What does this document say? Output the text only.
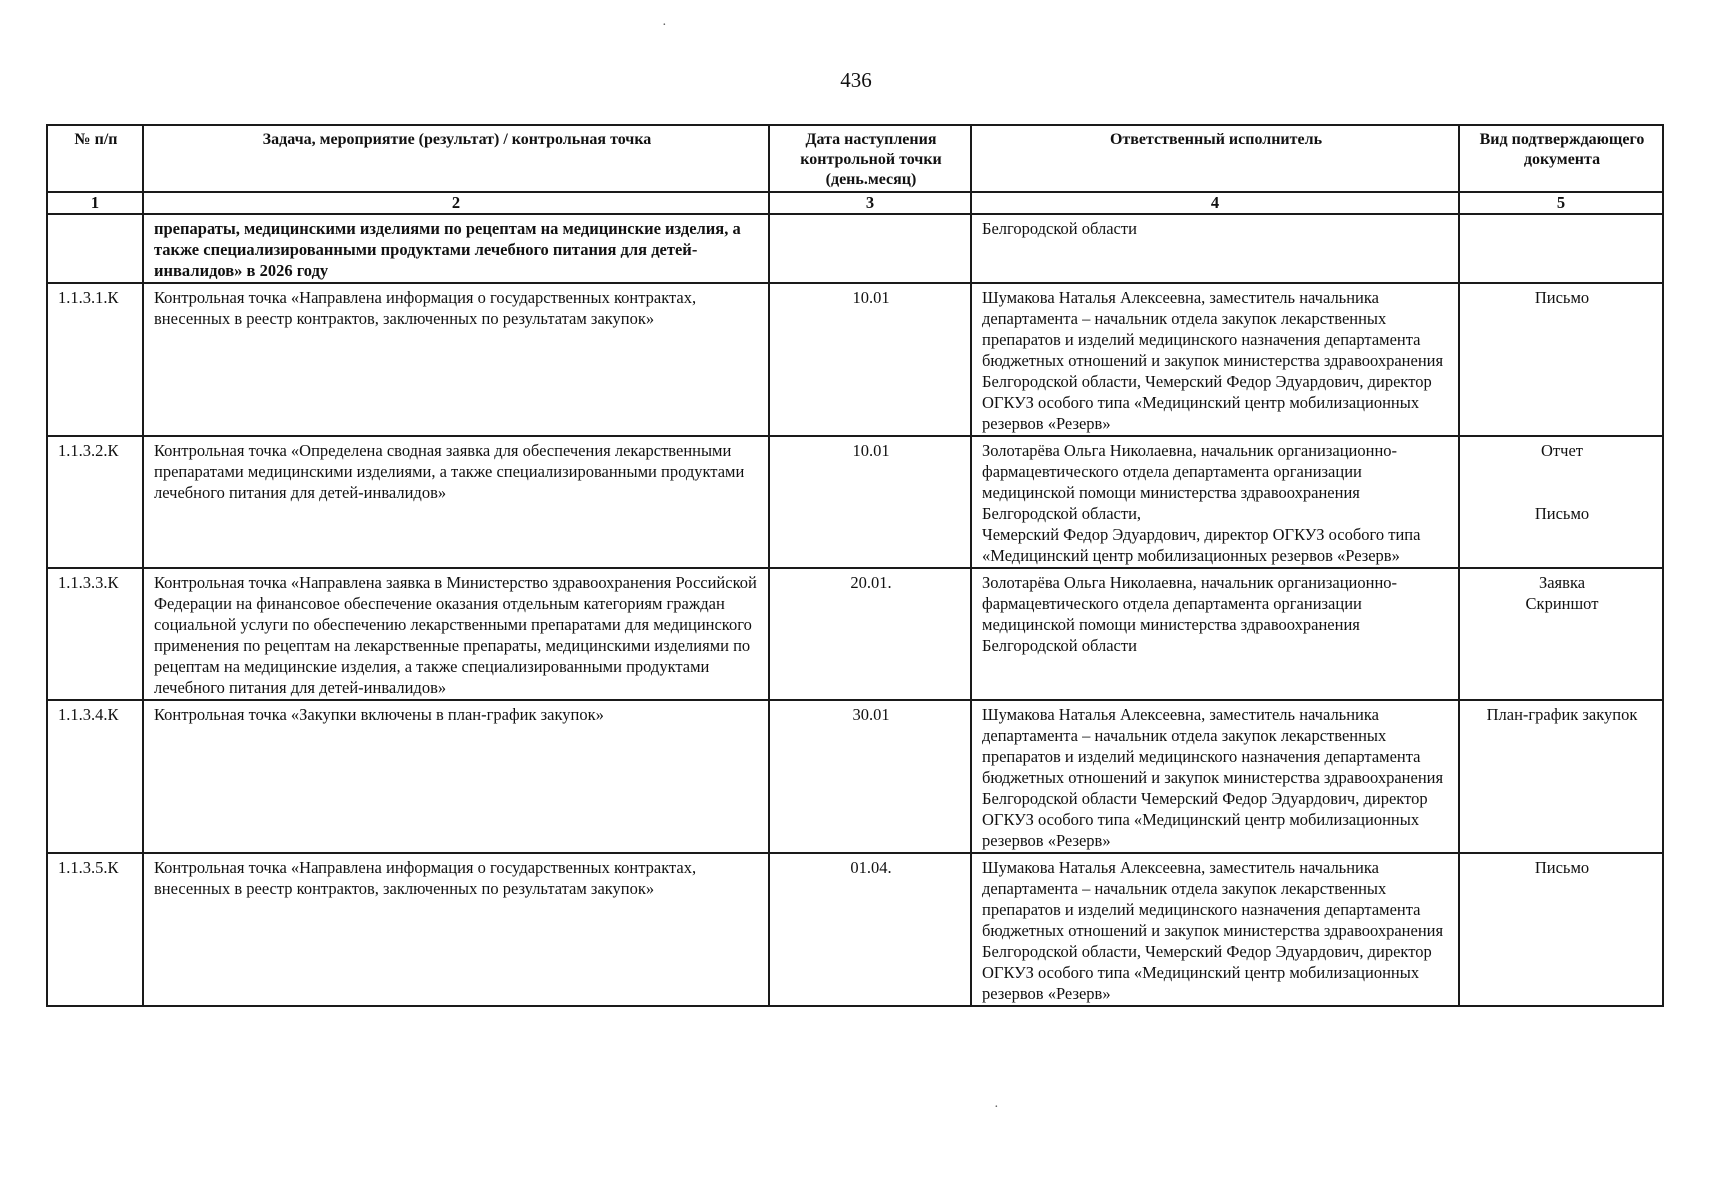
·
436
№ п/п	Задача, мероприятие (результат) / контрольная точка	Дата наступления контрольной точки (день.месяц)	Ответственный исполнитель	Вид подтверждающего документа
1	2	3	4	5
	препараты, медицинскими изделиями по рецептам на медицинские изделия, а также специализированными продуктами лечебного питания для детей-инвалидов» в 2026 году		Белгородской области	
1.1.3.1.К	Контрольная точка «Направлена информация о государственных контрактах, внесенных в реестр контрактов, заключенных по результатам закупок»	10.01	Шумакова Наталья Алексеевна, заместитель начальника департамента – начальник отдела закупок лекарственных препаратов и изделий медицинского назначения департамента бюджетных отношений и закупок министерства здравоохранения Белгородской области, Чемерский Федор Эдуардович, директор ОГКУЗ особого типа «Медицинский центр мобилизационных резервов «Резерв»	Письмо

1.1.3.2.К	Контрольная точка «Определена сводная заявка для обеспечения лекарственными препаратами медицинскими изделиями, а также специализированными продуктами лечебного питания для детей-инвалидов»	10.01	Золотарёва Ольга Николаевна, начальник организационно-фармацевтического отдела департамента организации медицинской помощи министерства здравоохранения Белгородской области,
Чемерский Федор Эдуардович, директор ОГКУЗ особого типа «Медицинский центр мобилизационных резервов «Резерв»	Отчет
Письмо

1.1.3.3.К	Контрольная точка «Направлена заявка в Министерство здравоохранения Российской Федерации на финансовое обеспечение оказания отдельным категориям граждан социальной услуги по обеспечению лекарственными препаратами для медицинского применения по рецептам на лекарственные препараты, медицинскими изделиями по рецептам на медицинские изделия, а также специализированными продуктами лечебного питания для детей-инвалидов»	20.01.	Золотарёва Ольга Николаевна, начальник организационно-фармацевтического отдела департамента организации медицинской помощи министерства здравоохранения Белгородской области	Заявка
Скриншот

1.1.3.4.К	Контрольная точка «Закупки включены в план-график закупок»	30.01	Шумакова Наталья Алексеевна, заместитель начальника департамента – начальник отдела закупок лекарственных препаратов и изделий медицинского назначения департамента бюджетных отношений и закупок министерства здравоохранения Белгородской области Чемерский Федор Эдуардович, директор ОГКУЗ особого типа «Медицинский центр мобилизационных резервов «Резерв»	План-график закупок

1.1.3.5.К	Контрольная точка «Направлена информация о государственных контрактах, внесенных в реестр контрактов, заключенных по результатам закупок»	01.04.	Шумакова Наталья Алексеевна, заместитель начальника департамента – начальник отдела закупок лекарственных препаратов и изделий медицинского назначения департамента бюджетных отношений и закупок министерства здравоохранения Белгородской области, Чемерский Федор Эдуардович, директор ОГКУЗ особого типа «Медицинский центр мобилизационных резервов «Резерв»	Письмо
·
